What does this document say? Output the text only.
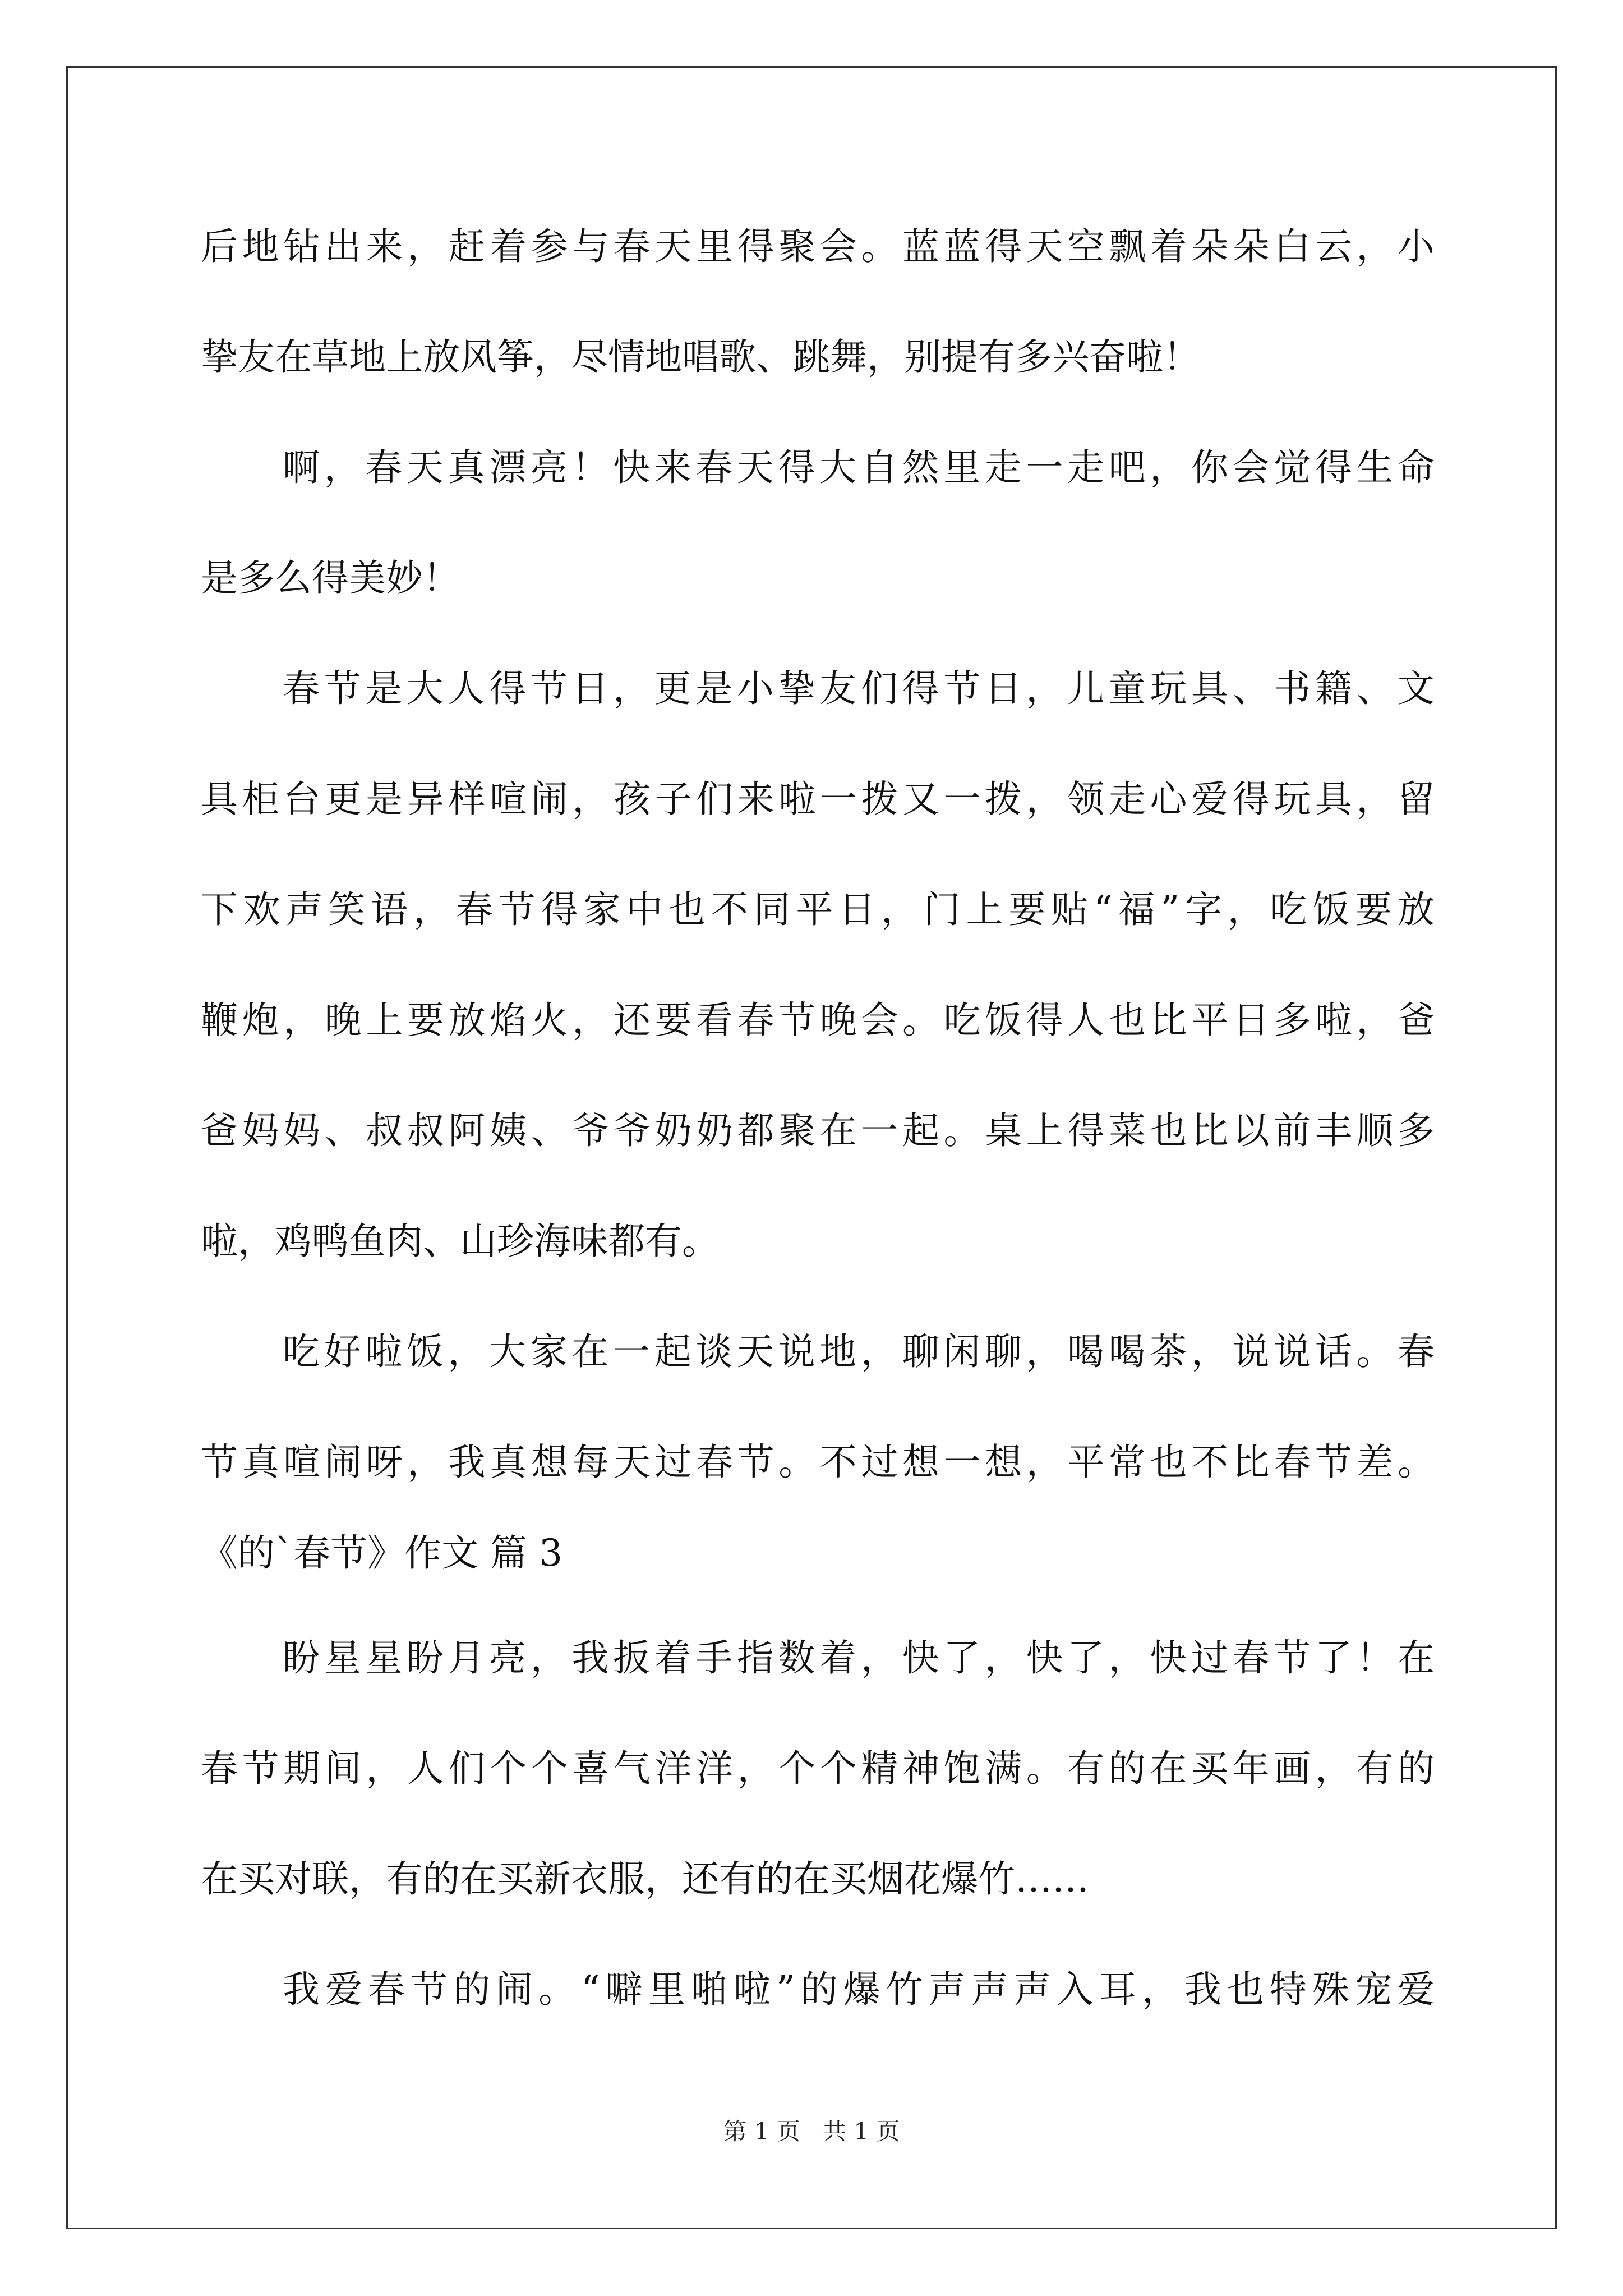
后地钻出来，赶着参与春天里得聚会。蓝蓝得天空飘着朵朵白云，小
挚友在草地上放风筝，尽情地唱歌、跳舞，别提有多兴奋啦！
啊，春天真漂亮！快来春天得大自然里走一走吧，你会觉得生命
是多么得美妙！
春节是大人得节日，更是小挚友们得节日，儿童玩具、书籍、文
具柜台更是异样喧闹，孩子们来啦一拨又一拨，领走心爱得玩具，留
下欢声笑语，春节得家中也不同平日，门上要贴“福”字，吃饭要放
鞭炮，晚上要放焰火，还要看春节晚会。吃饭得人也比平日多啦，爸
爸妈妈、叔叔阿姨、爷爷奶奶都聚在一起。桌上得菜也比以前丰顺多
啦，鸡鸭鱼肉、山珍海味都有。
吃好啦饭，大家在一起谈天说地，聊闲聊，喝喝茶，说说话。春
节真喧闹呀，我真想每天过春节。不过想一想，平常也不比春节差。
《的`春节》作文 篇 3
盼星星盼月亮，我扳着手指数着，快了，快了，快过春节了！在
春节期间，人们个个喜气洋洋，个个精神饱满。有的在买年画，有的
在买对联，有的在买新衣服，还有的在买烟花爆竹……
我爱春节的闹。“噼里啪啦”的爆竹声声声入耳，我也特殊宠爱
第 1 页   共 1 页
